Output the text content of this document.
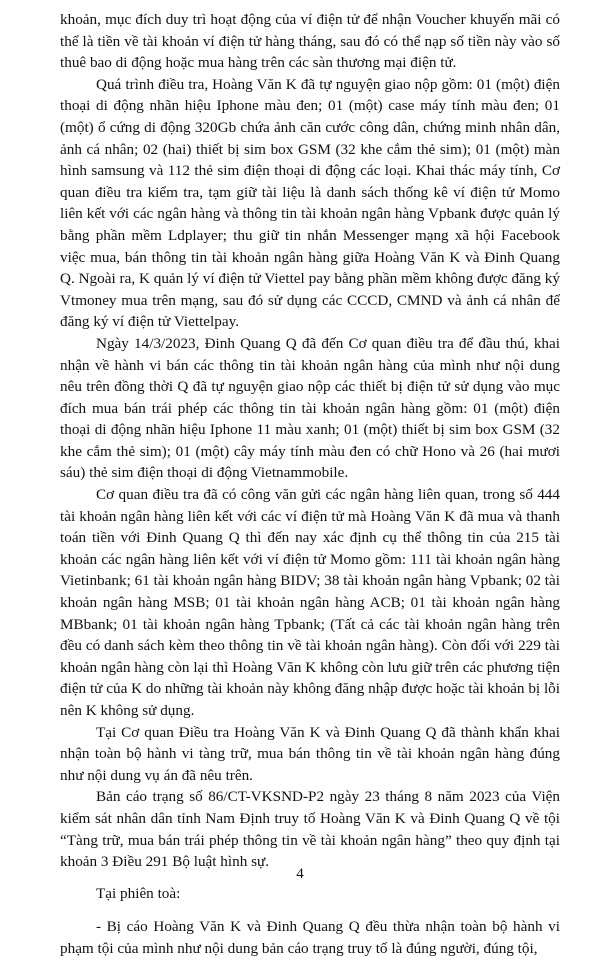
khoản, mục đích duy trì hoạt động của ví điện tử để nhận Voucher khuyến mãi có thể là tiền về tài khoản ví điện tử hàng tháng, sau đó có thể nạp số tiền này vào số thuê bao di động hoặc mua hàng trên các sàn thương mại điện tử.

Quá trình điều tra, Hoàng Văn K đã tự nguyện giao nộp gồm: 01 (một) điện thoại di động nhãn hiệu Iphone màu đen; 01 (một) case máy tính màu đen; 01 (một) ổ cứng di động 320Gb chứa ảnh căn cước công dân, chứng minh nhân dân, ảnh cá nhân; 02 (hai) thiết bị sim box GSM (32 khe cắm thẻ sim); 01 (một) màn hình samsung và 112 thẻ sim điện thoại di động các loại. Khai thác máy tính, Cơ quan điều tra kiểm tra, tạm giữ tài liệu là danh sách thống kê ví điện tử Momo liên kết với các ngân hàng và thông tin tài khoản ngân hàng Vpbank được quản lý bằng phần mềm Ldplayer; thu giữ tin nhắn Messenger mạng xã hội Facebook việc mua, bán thông tin tài khoản ngân hàng giữa Hoàng Văn K và Đinh Quang Q. Ngoài ra, K quản lý ví điện tử Viettel pay bằng phần mềm không được đăng ký Vtmoney mua trên mạng, sau đó sử dụng các CCCD, CMND và ảnh cá nhân để đăng ký ví điện tử Viettelpay.

Ngày 14/3/2023, Đinh Quang Q đã đến Cơ quan điều tra để đầu thú, khai nhận về hành vi bán các thông tin tài khoản ngân hàng của mình như nội dung nêu trên đồng thời Q đã tự nguyện giao nộp các thiết bị điện tử sử dụng vào mục đích mua bán trái phép các thông tin tài khoản ngân hàng gồm: 01 (một) điện thoại di động nhãn hiệu Iphone 11 màu xanh; 01 (một) thiết bị sim box GSM (32 khe cắm thẻ sim); 01 (một) cây máy tính màu đen có chữ Hono và 26 (hai mươi sáu) thẻ sim điện thoại di động Vietnammobile.

Cơ quan điều tra đã có công văn gửi các ngân hàng liên quan, trong số 444 tài khoản ngân hàng liên kết với các ví điện tử mà Hoàng Văn K đã mua và thanh toán tiền với Đinh Quang Q thì đến nay xác định cụ thể thông tin của 215 tài khoản các ngân hàng liên kết với ví điện tử Momo gồm: 111 tài khoản ngân hàng Vietinbank; 61 tài khoản ngân hàng BIDV; 38 tài khoản ngân hàng Vpbank; 02 tài khoản ngân hàng MSB; 01 tài khoản ngân hàng ACB; 01 tài khoản ngân hàng MBbank; 01 tài khoản ngân hàng Tpbank; (Tất cả các tài khoản ngân hàng trên đều có danh sách kèm theo thông tin về tài khoản ngân hàng). Còn đối với 229 tài khoản ngân hàng còn lại thì Hoàng Văn K không còn lưu giữ trên các phương tiện điện tử của K do những tài khoản này không đăng nhập được hoặc tài khoản bị lỗi nên K không sử dụng.

Tại Cơ quan Điều tra Hoàng Văn K và Đinh Quang Q đã thành khẩn khai nhận toàn bộ hành vi tàng trữ, mua bán thông tin về tài khoản ngân hàng đúng như nội dung vụ án đã nêu trên.

Bản cáo trạng số 86/CT-VKSND-P2 ngày 23 tháng 8 năm 2023 của Viện kiểm sát nhân dân tỉnh Nam Định truy tố Hoàng Văn K và Đinh Quang Q về tội “Tàng trữ, mua bán trái phép thông tin về tài khoản ngân hàng” theo quy định tại khoản 3 Điều 291 Bộ luật hình sự.

Tại phiên toà:

- Bị cáo Hoàng Văn K và Đinh Quang Q đều thừa nhận toàn bộ hành vi phạm tội của mình như nội dung bản cáo trạng truy tố là đúng người, đúng tội,

4
